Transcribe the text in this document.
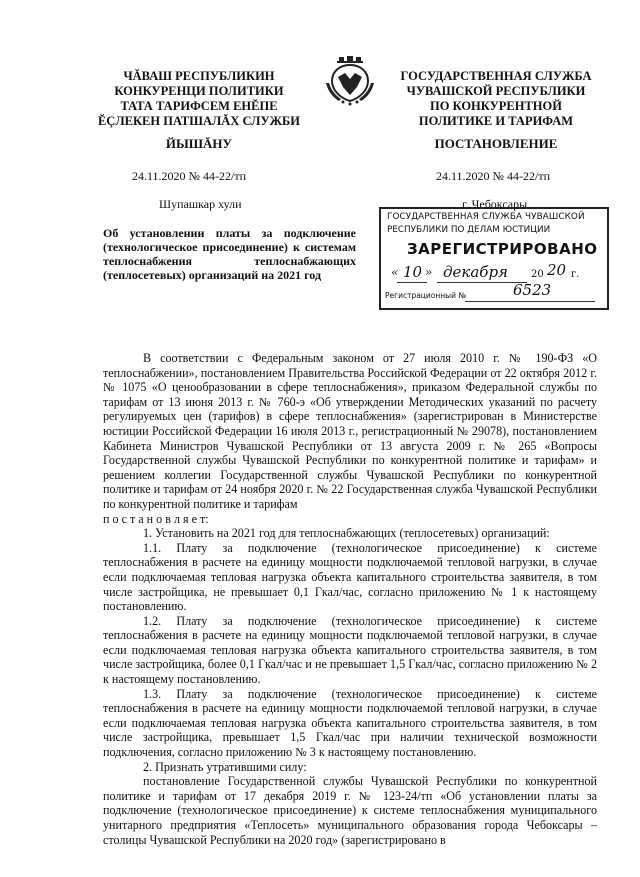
ЧĂВАШ РЕСПУБЛИКИН
КОНКУРЕНЦИ ПОЛИТИКИ
ТАТА ТАРИФСЕМ ЕНĔПЕ
ĔÇЛЕКЕН ПАТШАЛĂХ СЛУЖБИ
ЙЫШĂНУ
24.11.2020 № 44-22/тп
Шупашкар хули
ГОСУДАРСТВЕННАЯ СЛУЖБА
ЧУВАШСКОЙ РЕСПУБЛИКИ
ПО КОНКУРЕНТНОЙ
ПОЛИТИКЕ И ТАРИФАМ
ПОСТАНОВЛЕНИЕ
24.11.2020 № 44-22/тп
г. Чебоксары
Об установлении платы за подключение (технологическое присоединение) к системам теплоснабжения теплоснабжающих (теплосетевых) организаций на 2021 год
ГОСУДАРСТВЕННАЯ СЛУЖБА ЧУВАШСКОЙ
РЕСПУБЛИКИ ПО ДЕЛАМ ЮСТИЦИИ
ЗАРЕГИСТРИРОВАНО
« 10 » декабря 20 20 г.
Регистрационный №	6523

В соответствии с Федеральным законом от 27 июля 2010 г. № 190-ФЗ «О теплоснабжении», постановлением Правительства Российской Федерации от 22 октября 2012 г. № 1075 «О ценообразовании в сфере теплоснабжения», приказом Федеральной службы по тарифам от 13 июня 2013 г. № 760-э «Об утверждении Методических указаний по расчету регулируемых цен (тарифов) в сфере теплоснабжения» (зарегистрирован в Министерстве юстиции Российской Федерации 16 июля 2013 г., регистрационный № 29078), постановлением Кабинета Министров Чувашской Республики от 13 августа 2009 г. № 265 «Вопросы Государственной службы Чувашской Республики по конкурентной политике и тарифам» и решением коллегии Государственной службы Чувашской Республики по конкурентной политике и тарифам от 24 ноября 2020 г. № 22 Государственная служба Чувашской Республики по конкурентной политике и тарифам

п о с т а н о в л я е т:

1. Установить на 2021 год для теплоснабжающих (теплосетевых) организаций:

1.1. Плату за подключение (технологическое присоединение) к системе теплоснабжения в расчете на единицу мощности подключаемой тепловой нагрузки, в случае если подключаемая тепловая нагрузка объекта капитального строительства заявителя, в том числе застройщика, не превышает 0,1 Гкал/час, согласно приложению № 1 к настоящему постановлению.

1.2. Плату за подключение (технологическое присоединение) к системе теплоснабжения в расчете на единицу мощности подключаемой тепловой нагрузки, в случае если подключаемая тепловая нагрузка объекта капитального строительства заявителя, в том числе застройщика, более 0,1 Гкал/час и не превышает 1,5 Гкал/час, согласно приложению № 2 к настоящему постановлению.

1.3. Плату за подключение (технологическое присоединение) к системе теплоснабжения в расчете на единицу мощности подключаемой тепловой нагрузки, в случае если подключаемая тепловая нагрузка объекта капитального строительства заявителя, в том числе застройщика, превышает 1,5 Гкал/час при наличии технической возможности подключения, согласно приложению № 3 к настоящему постановлению.

2. Признать утратившими силу:

постановление Государственной службы Чувашской Республики по конкурентной политике и тарифам от 17 декабря 2019 г. № 123-24/тп «Об установлении платы за подключение (технологическое присоединение) к системе теплоснабжения муниципального унитарного предприятия «Теплосеть» муниципального образования города Чебоксары – столицы Чувашской Республики на 2020 год» (зарегистрировано в
